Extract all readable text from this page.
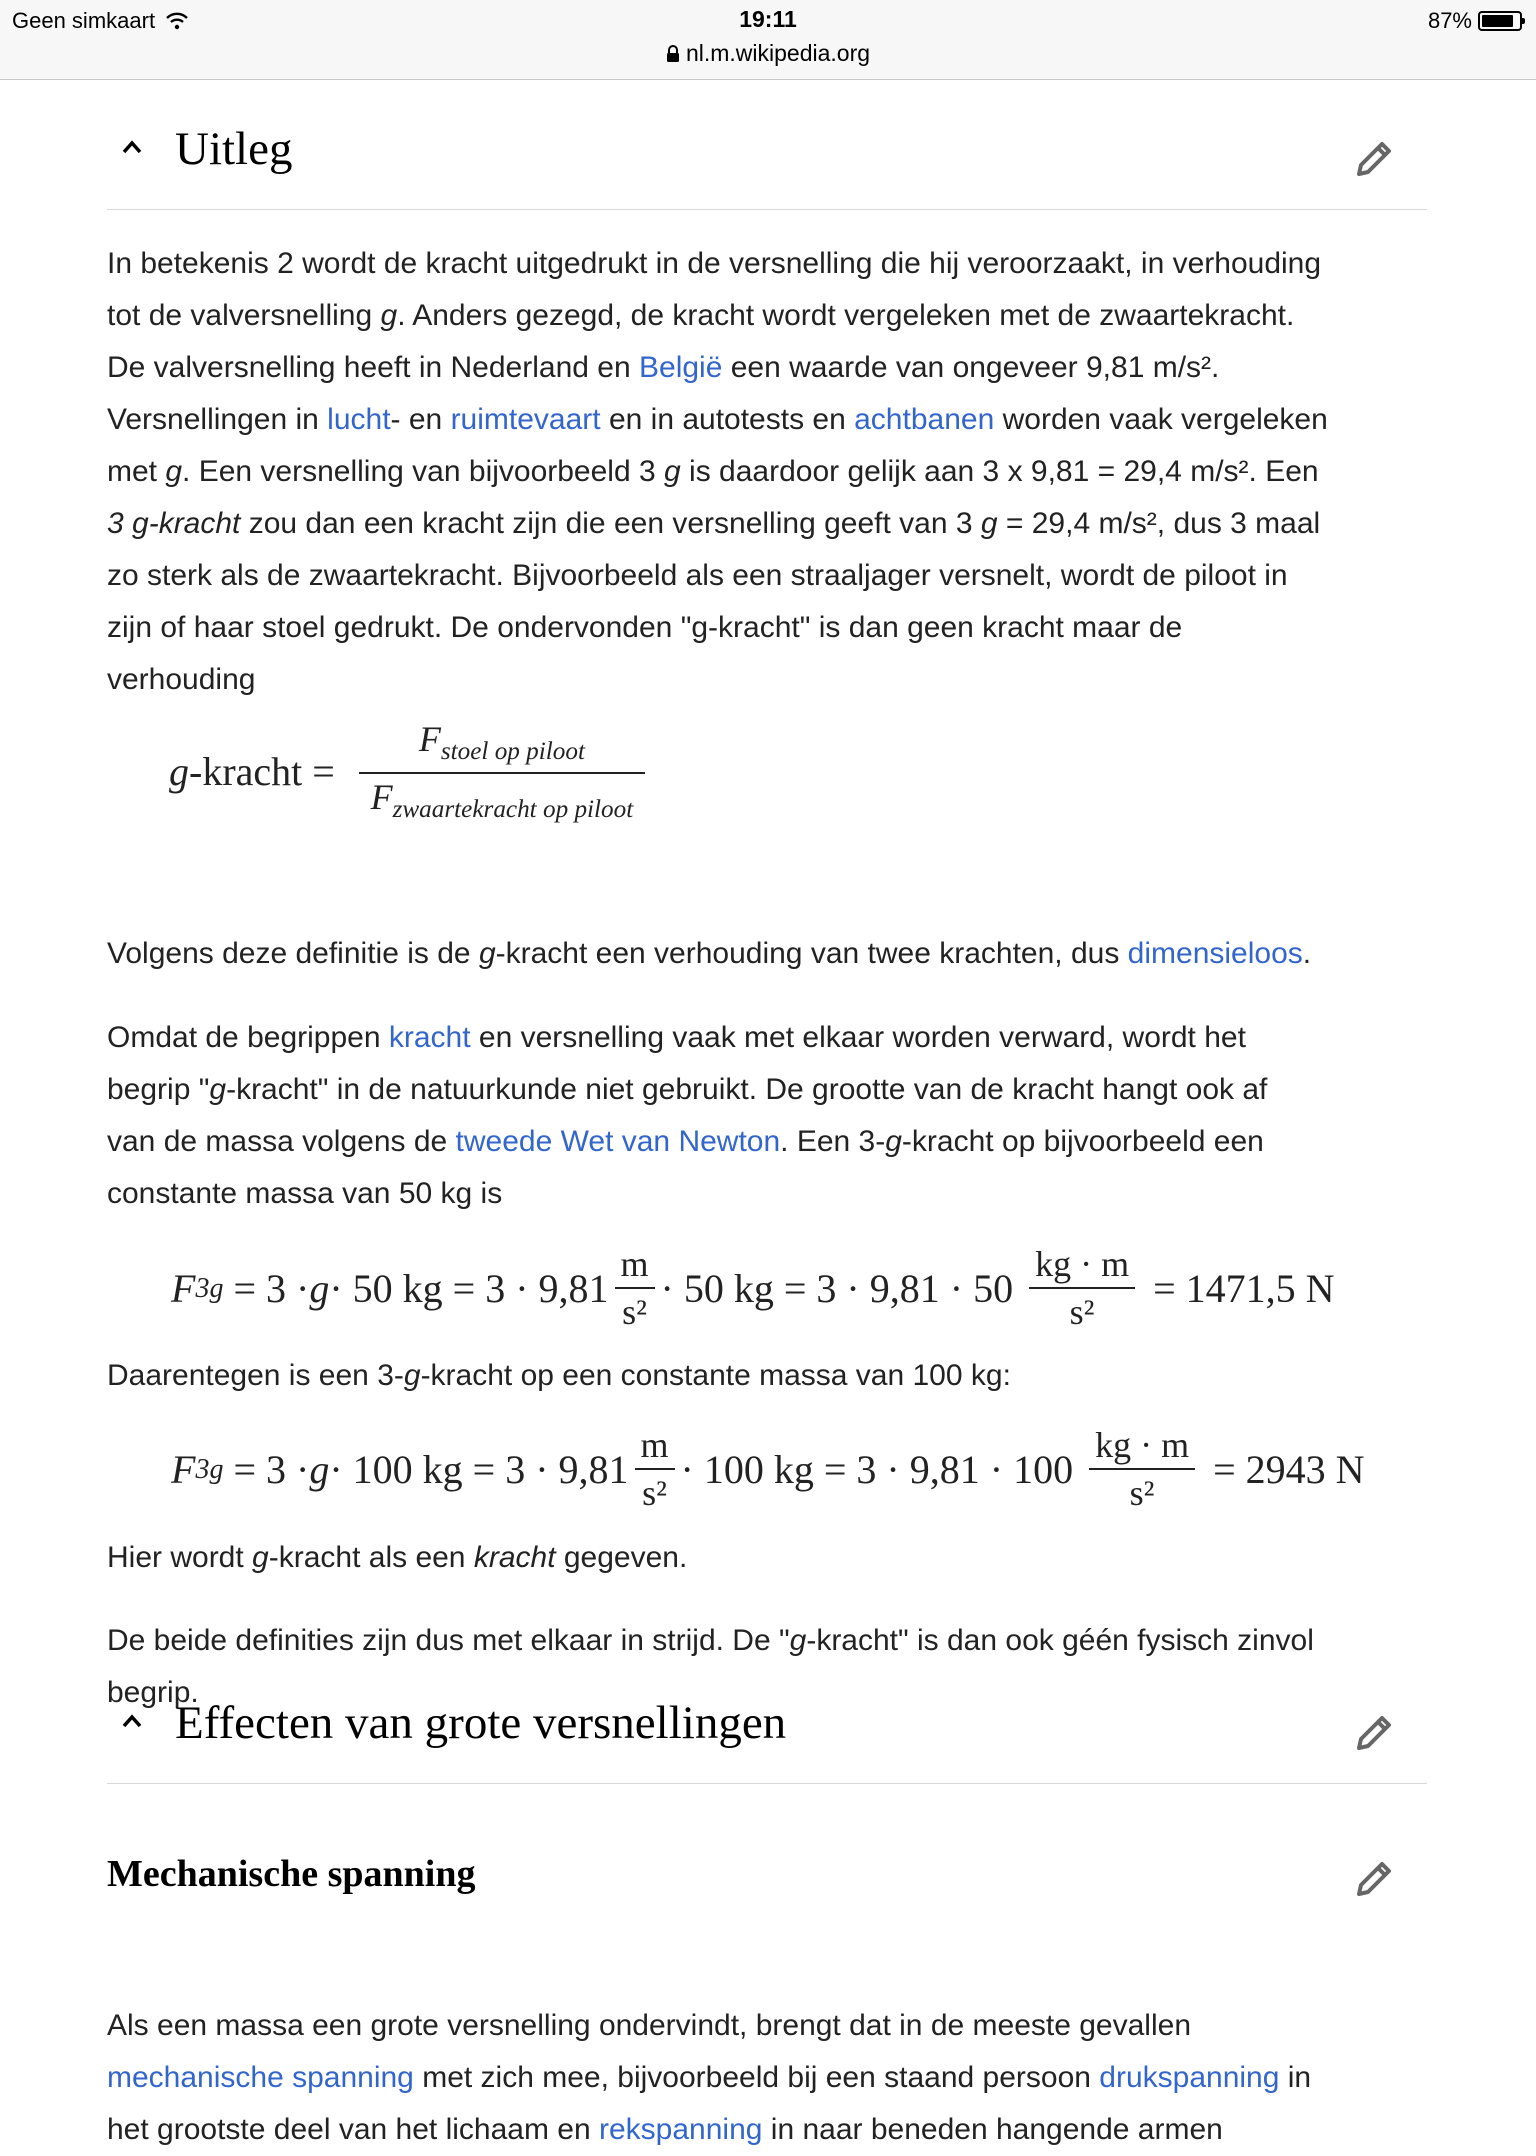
Geen simkaart	19:11
nl.m.wikipedia.org
87%
Uitleg
In betekenis 2 wordt de kracht uitgedrukt in de versnelling die hij veroorzaakt, in verhouding
tot de valversnelling g. Anders gezegd, de kracht wordt vergeleken met de zwaartekracht.
De valversnelling heeft in Nederland en België een waarde van ongeveer 9,81 m/s².
Versnellingen in lucht- en ruimtevaart en in autotests en achtbanen worden vaak vergeleken
met g. Een versnelling van bijvoorbeeld 3 g is daardoor gelijk aan 3 x 9,81 = 29,4 m/s². Een
3 g-kracht zou dan een kracht zijn die een versnelling geeft van 3 g = 29,4 m/s², dus 3 maal
zo sterk als de zwaartekracht. Bijvoorbeeld als een straaljager versnelt, wordt de piloot in
zijn of haar stoel gedrukt. De ondervonden "g-kracht" is dan geen kracht maar de
verhouding
g-kracht = $\frac{F_{stoel op piloot}}{F_{zwaartekracht op piloot}}$
Volgens deze definitie is de g-kracht een verhouding van twee krachten, dus dimensieloos.
Omdat de begrippen kracht en versnelling vaak met elkaar worden verward, wordt het
begrip "g-kracht" in de natuurkunde niet gebruikt. De grootte van de kracht hangt ook af
van de massa volgens de tweede Wet van Newton. Een 3-g-kracht op bijvoorbeeld een
constante massa van 50 kg is
F 3g = 3 · g · 50 kg = $3 \cdot 9,81 \frac{m}{\text{s²}} \cdot 50$ kg = $3 \cdot 9,81 \cdot 50 \frac{kg \cdot m}{\text{s²}} = 1471,5$ N
Daarentegen is een 3-g-kracht op een constante massa van 100 kg:
F 3g = 3 · g · 100 kg = $3 \cdot 9,81 \frac{m}{\text{s²}} \cdot 100$ kg = $3 \cdot 9,81 \cdot 100 \frac{kg \cdot m}{\text{s²}} = 2943$ N
Hier wordt g-kracht als een kracht gegeven.
De beide definities zijn dus met elkaar in strijd. De "g-kracht" is dan ook géén fysisch zinvol
begrip.
Effecten van grote versnellingen
Mechanische spanning
Als een massa een grote versnelling ondervindt, brengt dat in de meeste gevallen
mechanische spanning met zich mee, bijvoorbeeld bij een staand persoon drukspanning in
het grootste deel van het lichaam en rekspanning in naar beneden hangende armen
